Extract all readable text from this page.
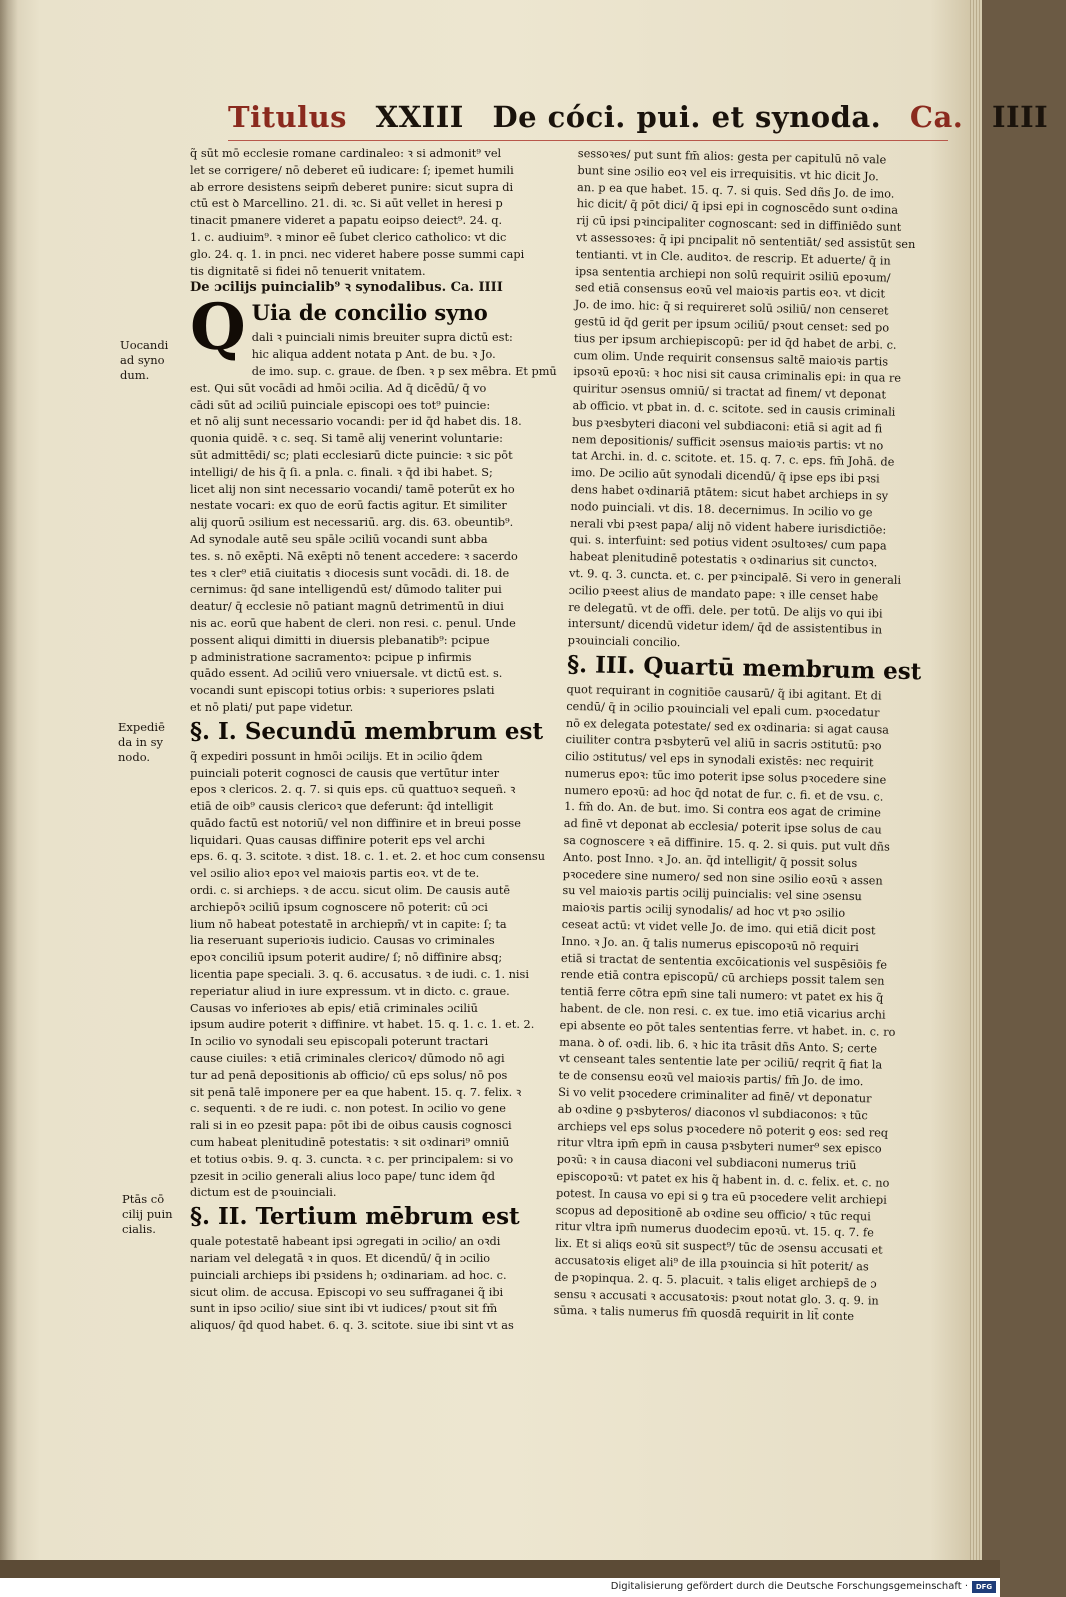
Titulus XXIII De cóci. pui. et synoda. Ca. IIII
Uocandi
ad syno
dum.
Expediē
da in sy
nodo.
Ptās cō
cilij puin
cialis.
q̃ sūt mō ecclesie romane cardinaleo: ꝛ si admonit⁹ vel
let se corrigere/ nō deberet eū iudicare: ſ; ipemet humili
ab errore desistens seipm̄ deberet punire: sicut supra di
ctū est ꝺ Marcellino. 21. di. ꝛc. Si aūt vellet in heresi p
tinacit pmanere videret a papatu eoipso deiect⁹. 24. q.
1. c. audiuim⁹. ꝛ minor eē ſubet clerico catholico: vt dic
glo. 24. q. 1. in pnci. nec videret habere posse summi capi
tis dignitatē si fidei nō tenuerit vnitatem.
De ɔcilijs puincialib⁹ ꝛ synodalibus. Ca. IIII
Q Uia de concilio syno
dali ꝛ puinciali nimis breuiter supra dictū est:
hic aliqua addent notata p Ant. de bu. ꝛ Jo.
de imo. sup. c. graue. de ſben. ꝛ p sex mēbra. Et pmū
est. Qui sūt vocādi ad hmōi ɔcilia. Ad q̄ dicēdū/ q̄ vo
cādi sūt ad ɔciliū puinciale episcopi oes tot⁹ puincie:
et nō alij sunt necessario vocandi: per id q̄d habet dis. 18.
quonia quidē. ꝛ c. seq. Si tamē alij venerint voluntarie:
sūt admittēdi/ sc; plati ecclesiarū dicte puincie: ꝛ sic pōt
intelligi/ de his q̄ ſi. a pnla. c. finali. ꝛ q̄d ibi habet. S;
licet alij non sint necessario vocandi/ tamē poterūt ex ho
nestate vocari: ex quo de eorū factis agitur. Et similiter
alij quorū ɔsilium est necessariū. arg. dis. 63. obeuntib⁹.
Ad synodale autē seu spāle ɔciliū vocandi sunt abba
tes. s. nō exēpti. Nā exēpti nō tenent accedere: ꝛ sacerdo
tes ꝛ cler⁹ etiā ciuitatis ꝛ diocesis sunt vocādi. di. 18. de
cernimus: q̄d sane intelligendū est/ dūmodo taliter pui
deatur/ q̄ ecclesie nō patiant magnū detrimentū in diui
nis ac. eorū que habent de cleri. non resi. c. penul. Unde
possent aliqui dimitti in diuersis plebanatib⁹: pcipue
p administratione sacramentoꝛ: pcipue p infirmis
quādo essent. Ad ɔciliū vero vniuersale. vt dictū est. s.
vocandi sunt episcopi totius orbis: ꝛ superiores pslati
et nō plati/ put pape videtur.
§. I. Secundū membrum est
q̃ expediri possunt in hmōi ɔcilijs. Et in ɔcilio q̄dem
puinciali poterit cognosci de causis que vertūtur inter
epos ꝛ clericos. 2. q. 7. si quis eps. cū quattuoꝛ sequeñ. ꝛ
etiā de oib⁹ causis clericoꝛ que deferunt: q̄d intelligit
quādo factū est notoriū/ vel non diffinire et in breui posse
liquidari. Quas causas diffinire poterit eps vel archi
eps. 6. q. 3. scitote. ꝛ dist. 18. c. 1. et. 2. et hoc cum consensu
vel ɔsilio alioꝛ epoꝛ vel maioꝛis partis eoꝛ. vt de te.
ordi. c. si archieps. ꝛ de accu. sicut olim. De causis autē
archiepōꝛ ɔciliū ipsum cognoscere nō poterit: cū ɔci
lium nō habeat potestatē in archiepm̄/ vt in capite: ſ; ta
lia reseruant superioꝛis iudicio. Causas vo criminales
epoꝛ conciliū ipsum poterit audire/ ſ; nō diffinire absq;
licentia pape speciali. 3. q. 6. accusatus. ꝛ de iudi. c. 1. nisi
reperiatur aliud in iure expressum. vt in dicto. c. graue.
Causas vo inferioꝛes ab epis/ etiā criminales ɔciliū
ipsum audire poterit ꝛ diffinire. vt habet. 15. q. 1. c. 1. et. 2.
In ɔcilio vo synodali seu episcopali poterunt tractari
cause ciuiles: ꝛ etiā criminales clericoꝛ/ dūmodo nō agi
tur ad penā depositionis ab officio/ cū eps solus/ nō pos
sit penā talē imponere per ea que habent. 15. q. 7. felix. ꝛ
c. sequenti. ꝛ de re iudi. c. non potest. In ɔcilio vo gene
rali si in eo pzesit papa: pōt ibi de oibus causis cognosci
cum habeat plenitudinē potestatis: ꝛ sit oꝛdinari⁹ omniū
et totius oꝛbis. 9. q. 3. cuncta. ꝛ c. per principalem: si vo
pzesit in ɔcilio generali alius loco pape/ tunc idem q̄d
dictum est de pꝛouinciali.
§. II. Tertium mēbrum est
quale potestatē habeant ipsi ɔgregati in ɔcilio/ an oꝛdi
nariam vel delegatā ꝛ in quos. Et dicendū/ q̄ in ɔcilio
puinciali archieps ibi pꝛsidens h; oꝛdinariam. ad hoc. c.
sicut olim. de accusa. Episcopi vo seu suffraganei q̃ ibi
sunt in ipso ɔcilio/ siue sint ibi vt iudices/ pꝛout sit fm̄
aliquos/ q̄d quod habet. 6. q. 3. scitote. siue ibi sint vt as
sessoꝛes/ put sunt fm̄ alios: gesta per capitulū nō vale
bunt sine ɔsilio eoꝛ vel eis irrequisitis. vt hic dicit Jo.
an. p ea que habet. 15. q. 7. si quis. Sed dñs Jo. de imo.
hic dicit/ q̄ pōt dici/ q̄ ipsi epi in cognoscēdo sunt oꝛdina
rij cū ipsi pꝛincipaliter cognoscant: sed in diffiniēdo sunt
vt assessoꝛes: q̄ ipi pncipalit nō sententiāt/ sed assistūt sen
tentianti. vt in Cle. auditoꝛ. de rescrip. Et aduerte/ q̄ in
ipsa sententia archiepi non solū requirit ɔsiliū epoꝛum/
sed etiā consensus eoꝛū vel maioꝛis partis eoꝛ. vt dicit
Jo. de imo. hic: q̄ si requireret solū ɔsiliū/ non censeret
gestū id q̄d gerit per ipsum ɔciliū/ pꝛout censet: sed po
tius per ipsum archiepiscopū: per id q̄d habet de arbi. c.
cum olim. Unde requirit consensus saltē maioꝛis partis
ipsoꝛū epoꝛū: ꝛ hoc nisi sit causa criminalis epi: in qua re
quiritur ɔsensus omniū/ si tractat ad finem/ vt deponat
ab officio. vt pbat in. d. c. scitote. sed in causis criminali
bus pꝛesbyteri diaconi vel subdiaconi: etiā si agit ad fi
nem depositionis/ sufficit ɔsensus maioꝛis partis: vt no
tat Archi. in. d. c. scitote. et. 15. q. 7. c. eps. fm̄ Johā. de
imo. De ɔcilio aūt synodali dicendū/ q̄ ipse eps ibi pꝛsi
dens habet oꝛdinariā ptātem: sicut habet archieps in sy
nodo puinciali. vt dis. 18. decernimus. In ɔcilio vo ge
nerali vbi pꝛest papa/ alij nō vident habere iurisdictiōe:
qui. s. interfuint: sed potius vident ɔsultoꝛes/ cum papa
habeat plenitudinē potestatis ꝛ oꝛdinarius sit cunctoꝛ.
vt. 9. q. 3. cuncta. et. c. per pꝛincipalē. Si vero in generali
ɔcilio pꝛeest alius de mandato pape: ꝛ ille censet habe
re delegatū. vt de offi. dele. per totū. De alijs vo qui ibi
intersunt/ dicendū videtur idem/ q̄d de assistentibus in
pꝛouinciali concilio.
§. III. Quartū membrum est
quot requirant in cognitiōe causarū/ q̃ ibi agitant. Et di
cendū/ q̄ in ɔcilio pꝛouinciali vel epali cum. pꝛocedatur
nō ex delegata potestate/ sed ex oꝛdinaria: si agat causa
ciuiliter contra pꝛsbyterū vel aliū in sacris ɔstitutū: pꝛo
cilio ɔstitutus/ vel eps in synodali existēs: nec requirit
numerus epoꝛ: tūc imo poterit ipse solus pꝛocedere sine
numero epoꝛū: ad hoc q̄d notat de fur. c. fi. et de vsu. c.
1. fm̄ do. An. de but. imo. Si contra eos agat de crimine
ad finē vt deponat ab ecclesia/ poterit ipse solus de cau
sa cognoscere ꝛ eā diffinire. 15. q. 2. si quis. put vult dñs
Anto. post Inno. ꝛ Jo. an. q̄d intelligit/ q̄ possit solus
pꝛocedere sine numero/ sed non sine ɔsilio eoꝛū ꝛ assen
su vel maioꝛis partis ɔcilij puincialis: vel sine ɔsensu
maioꝛis partis ɔcilij synodalis/ ad hoc vt pꝛo ɔsilio
ceseat actū: vt videt velle Jo. de imo. qui etiā dicit post
Inno. ꝛ Jo. an. q̄ talis numerus episcopoꝛū nō requiri
etiā si tractat de sententia excōicationis vel suspēsiōis fe
rende etiā contra episcopū/ cū archieps possit talem sen
tentiā ferre cōtra epm̄ sine tali numero: vt patet ex his q̃
habent. de cle. non resi. c. ex tue. imo etiā vicarius archi
epi absente eo pōt tales sententias ferre. vt habet. in. c. ro
mana. ꝺ of. oꝛdi. lib. 6. ꝛ hic ita trāsit dñs Anto. S; certe
vt censeant tales sententie late per ɔciliū/ reqrit q̄ fiat la
te de consensu eoꝛū vel maioꝛis partis/ fm̄ Jo. de imo.
Si vo velit pꝛocedere criminaliter ad finē/ vt deponatur
ab oꝛdine ꝯ pꝛsbyteros/ diaconos vl subdiaconos: ꝛ tūc
archieps vel eps solus pꝛocedere nō poterit ꝯ eos: sed req
ritur vltra ipm̄ epm̄ in causa pꝛsbyteri numer⁹ sex episco
poꝛū: ꝛ in causa diaconi vel subdiaconi numerus triū
episcopoꝛū: vt patet ex his q̃ habent in. d. c. felix. et. c. no
potest. In causa vo epi si ꝯ tra eū pꝛocedere velit archiepi
scopus ad depositionē ab oꝛdine seu officio/ ꝛ tūc requi
ritur vltra ipm̄ numerus duodecim epoꝛū. vt. 15. q. 7. fe
lix. Et si aliqs eoꝛū sit suspect⁹/ tūc de ɔsensu accusati et
accusatoꝛis eliget ali⁹ de illa pꝛouincia si hīt poterit/ as
de pꝛopinqua. 2. q. 5. placuit. ꝛ talis eliget archieps̄ de ɔ
sensu ꝛ accusati ꝛ accusatoꝛis: pꝛout notat glo. 3. q. 9. in
sūma. ꝛ talis numerus fm̄ quosdā requirit in lit̄ conte
Digitalisierung gefördert durch die Deutsche Forschungsgemeinschaft ·	DFG
